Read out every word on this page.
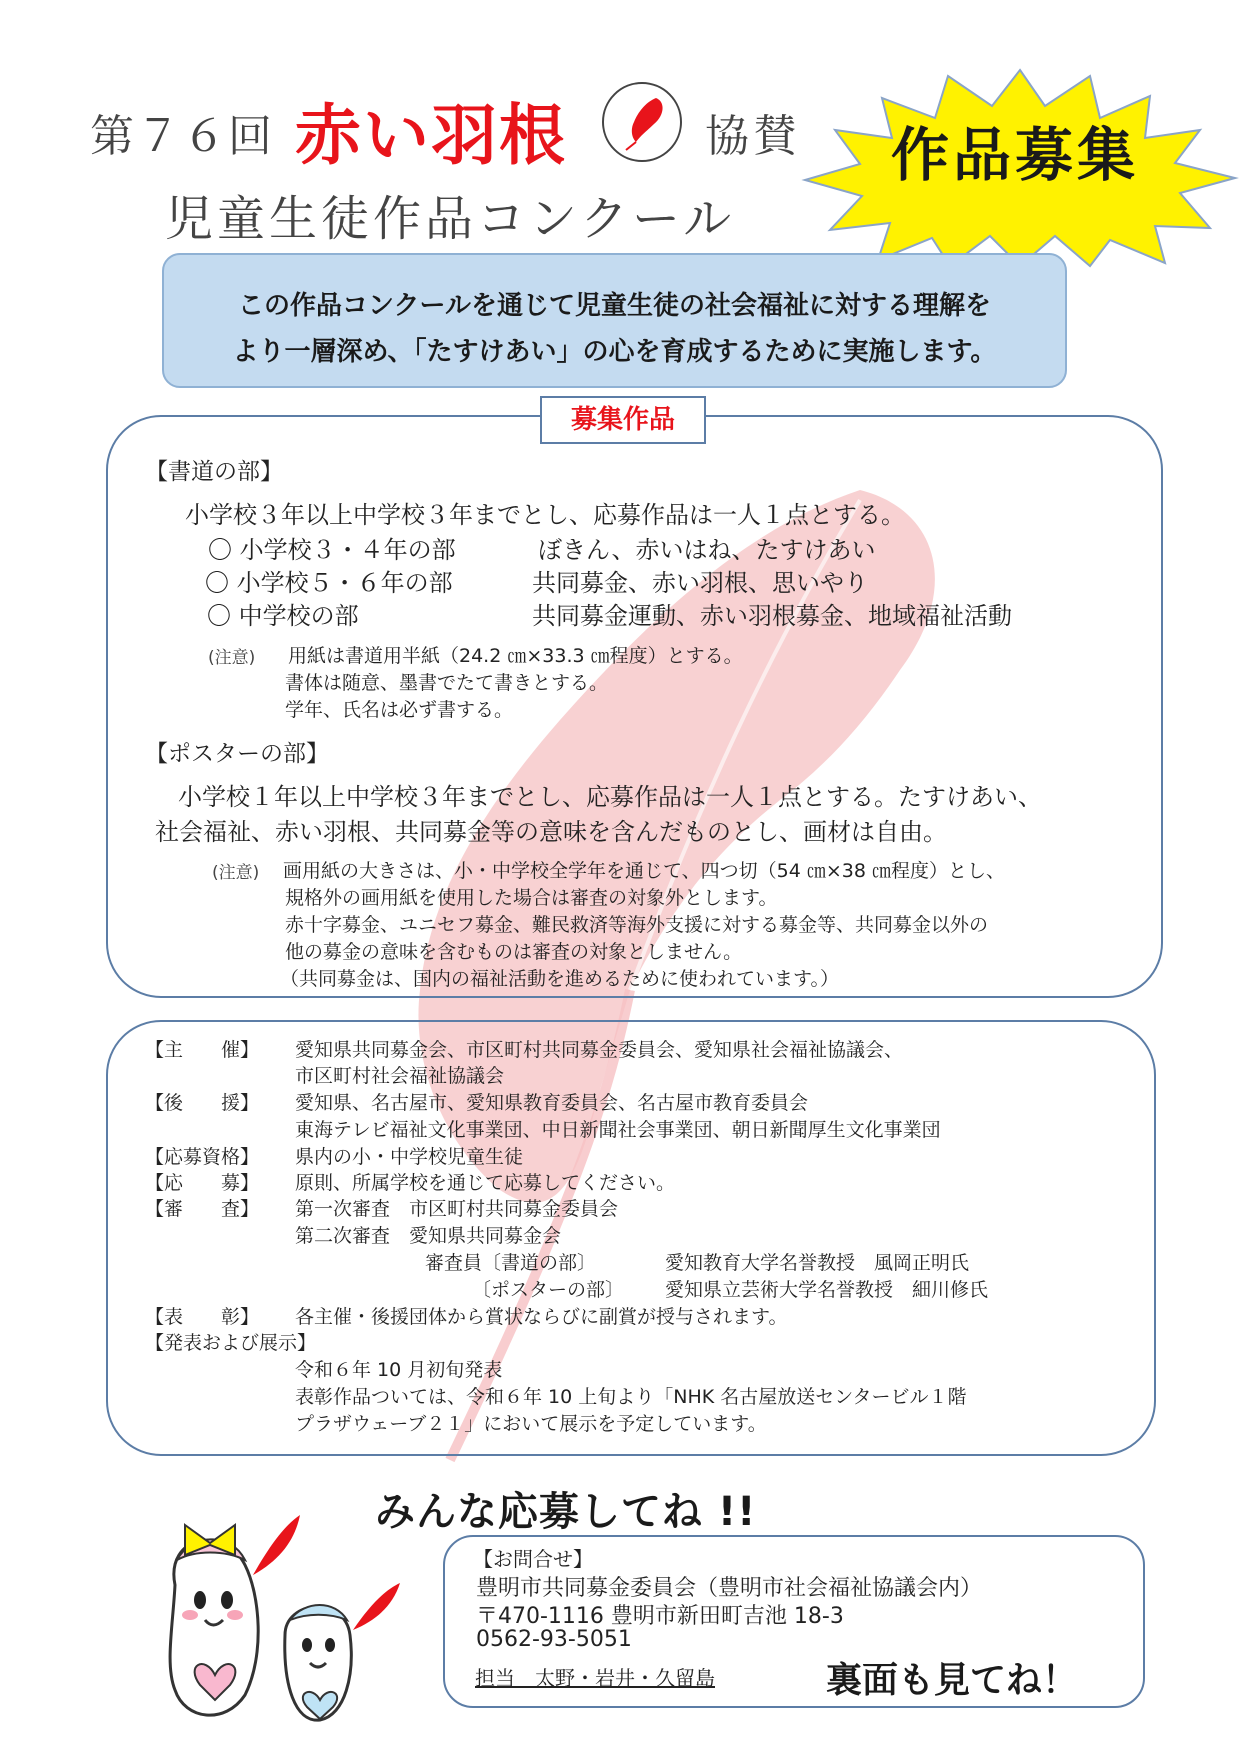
第７６回 赤い羽根	協賛
児童生徒作品コンクール
作品募集

この作品コンクールを通じて児童生徒の社会福祉に対する理解を

より一層深め、「たすけあい」の心を育成するために実施します。

募集作品
【書道の部】
小学校３年以上中学校３年までとし、応募作品は一人１点とする。
〇 小学校３・４年の部	ぼきん、赤いはね、たすけあい
〇 小学校５・６年の部	共同募金、赤い羽根、思いやり
〇 中学校の部	共同募金運動、赤い羽根募金、地域福祉活動
(注意) 用紙は書道用半紙（24.2 ㎝×33.3 ㎝程度）とする。
書体は随意、墨書でたて書きとする。
学年、氏名は必ず書する。
【ポスターの部】
小学校１年以上中学校３年までとし、応募作品は一人１点とする。たすけあい、
社会福祉、赤い羽根、共同募金等の意味を含んだものとし、画材は自由。
(注意) 画用紙の大きさは、小・中学校全学年を通じて、四つ切（54 ㎝×38 ㎝程度）とし、
規格外の画用紙を使用した場合は審査の対象外とします。
赤十字募金、ユニセフ募金、難民救済等海外支援に対する募金等、共同募金以外の
他の募金の意味を含むものは審査の対象としません。
（共同募金は、国内の福祉活動を進めるために使われています。）
【主　　催】 愛知県共同募金会、市区町村共同募金委員会、愛知県社会福祉協議会、
市区町村社会福祉協議会
【後　　援】 愛知県、名古屋市、愛知県教育委員会、名古屋市教育委員会
東海テレビ福祉文化事業団、中日新聞社会事業団、朝日新聞厚生文化事業団
【応募資格】 県内の小・中学校児童生徒
【応　　募】 原則、所属学校を通じて応募してください。
【審　　査】 第一次審査　市区町村共同募金委員会
第二次審査　愛知県共同募金会
審査員〔書道の部〕	愛知教育大学名誉教授　風岡正明氏
〔ポスターの部〕 愛知県立芸術大学名誉教授　細川修氏
【表　　彰】 各主催・後援団体から賞状ならびに副賞が授与されます。
【発表および展示】
令和６年 10 月初旬発表
表彰作品ついては、令和６年 10 上旬より「NHK 名古屋放送センタービル１階
プラザウェーブ２１」において展示を予定しています。
みんな応募してね !!
【お問合せ】
豊明市共同募金委員会（豊明市社会福祉協議会内）
〒470-1116 豊明市新田町吉池 18-3
0562-93-5051
担当　太野・岩井・久留島	裏面も見てね！
